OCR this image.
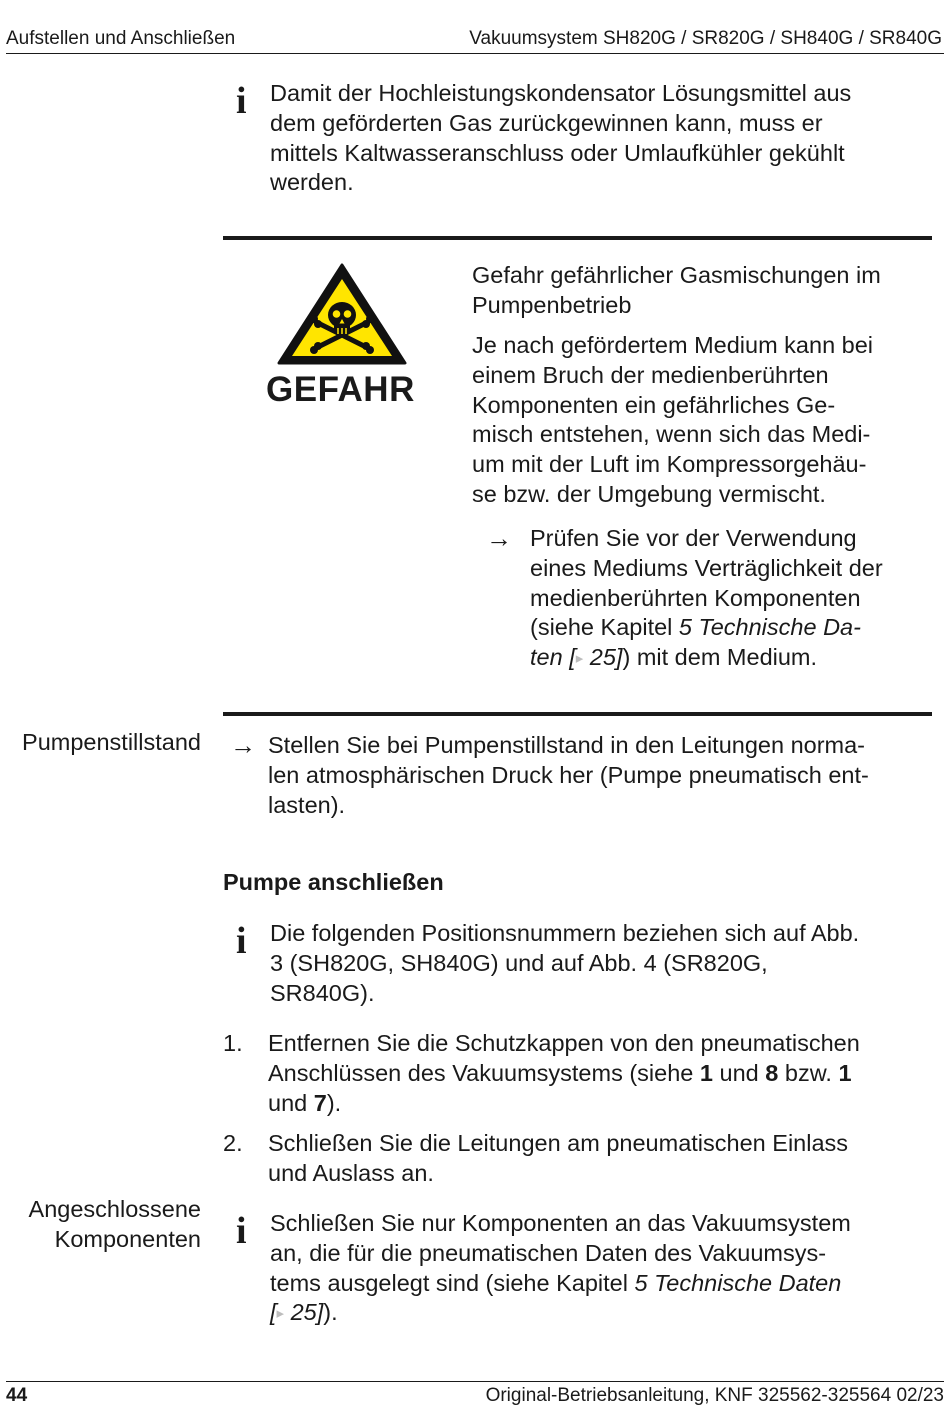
Aufstellen und Anschließen	Vakuumsystem SH820G / SR820G / SH840G / SR840G
i Damit der Hochleistungskondensator Lösungsmittel aus
dem geförderten Gas zurückgewinnen kann, muss er
mittels Kaltwasseranschluss oder Umlaufkühler gekühlt
werden.
GEFAHR
Gefahr gefährlicher Gasmischungen im
Pumpenbetrieb
Je nach gefördertem Medium kann bei
einem Bruch der medienberührten
Komponenten ein gefährliches Ge-
misch entstehen, wenn sich das Medi-
um mit der Luft im Kompressorgehäu-
se bzw. der Umgebung vermischt.
→ Prüfen Sie vor der Verwendung
eines Mediums Verträglichkeit der
medienberührten Komponenten
(siehe Kapitel 5 Technische Da-
ten [▸ 25]) mit dem Medium.
Pumpenstillstand → Stellen Sie bei Pumpenstillstand in den Leitungen norma-
len atmosphärischen Druck her (Pumpe pneumatisch ent-
lasten).
Pumpe anschließen
i Die folgenden Positionsnummern beziehen sich auf Abb.
3 (SH820G, SH840G) und auf Abb. 4 (SR820G,
SR840G).
1. Entfernen Sie die Schutzkappen von den pneumatischen
Anschlüssen des Vakuumsystems (siehe 1 und 8 bzw. 1
und 7).
2. Schließen Sie die Leitungen am pneumatischen Einlass
und Auslass an.
Angeschlossene
Komponenten i Schließen Sie nur Komponenten an das Vakuumsystem
an, die für die pneumatischen Daten des Vakuumsys-
tems ausgelegt sind (siehe Kapitel 5 Technische Daten
[▸ 25]).
44	Original-Betriebsanleitung, KNF 325562-325564 02/23
